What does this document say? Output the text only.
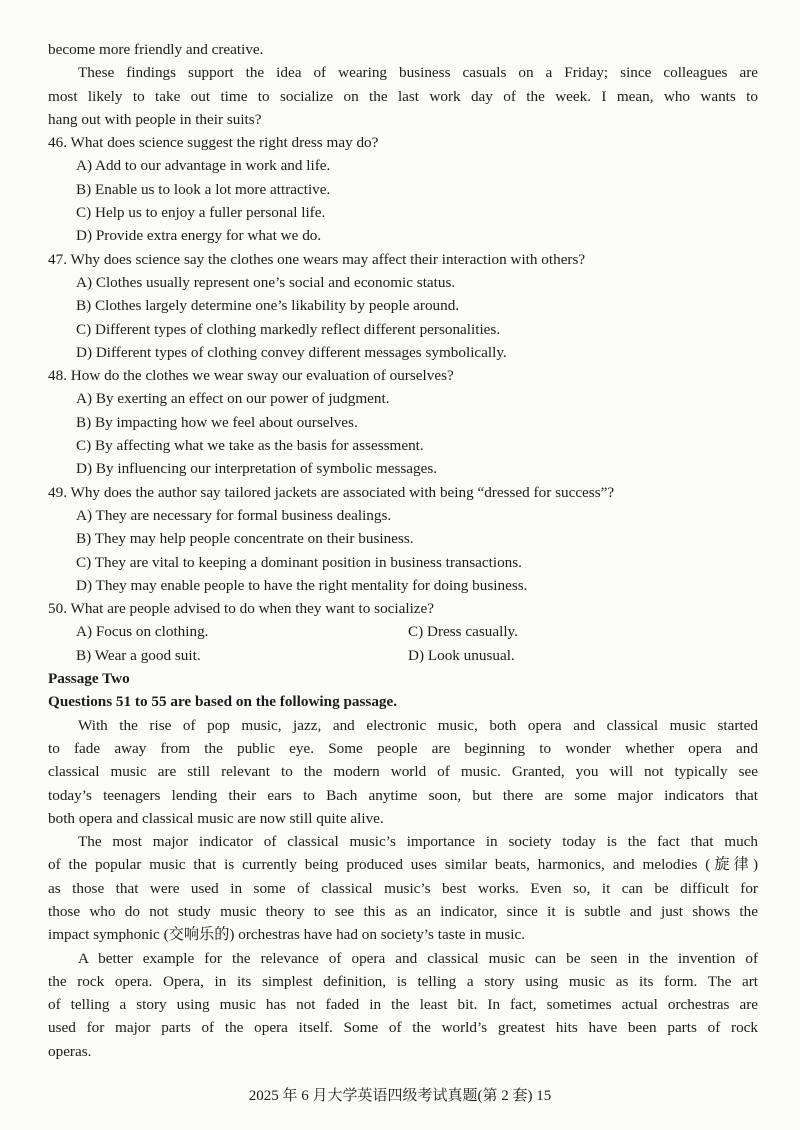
become more friendly and creative.
These findings support the idea of wearing business casuals on a Friday; since colleagues are
most likely to take out time to socialize on the last work day of the week. I mean, who wants to
hang out with people in their suits?
46. What does science suggest the right dress may do?
A) Add to our advantage in work and life.
B) Enable us to look a lot more attractive.
C) Help us to enjoy a fuller personal life.
D) Provide extra energy for what we do.
47. Why does science say the clothes one wears may affect their interaction with others?
A) Clothes usually represent one’s social and economic status.
B) Clothes largely determine one’s likability by people around.
C) Different types of clothing markedly reflect different personalities.
D) Different types of clothing convey different messages symbolically.
48. How do the clothes we wear sway our evaluation of ourselves?
A) By exerting an effect on our power of judgment.
B) By impacting how we feel about ourselves.
C) By affecting what we take as the basis for assessment.
D) By influencing our interpretation of symbolic messages.
49. Why does the author say tailored jackets are associated with being “dressed for success”?
A) They are necessary for formal business dealings.
B) They may help people concentrate on their business.
C) They are vital to keeping a dominant position in business transactions.
D) They may enable people to have the right mentality for doing business.
50. What are people advised to do when they want to socialize?
A) Focus on clothing.	C) Dress casually.
B) Wear a good suit.	D) Look unusual.
Passage Two
Questions 51 to 55 are based on the following passage.
With the rise of pop music, jazz, and electronic music, both opera and classical music started
to fade away from the public eye. Some people are beginning to wonder whether opera and
classical music are still relevant to the modern world of music. Granted, you will not typically see
today’s teenagers lending their ears to Bach anytime soon, but there are some major indicators that
both opera and classical music are now still quite alive.
The most major indicator of classical music’s importance in society today is the fact that much
of the popular music that is currently being produced uses similar beats, harmonics, and melodies (旋律)
as those that were used in some of classical music’s best works. Even so, it can be difficult for
those who do not study music theory to see this as an indicator, since it is subtle and just shows the
impact symphonic (交响乐的) orchestras have had on society’s taste in music.
A better example for the relevance of opera and classical music can be seen in the invention of
the rock opera. Opera, in its simplest definition, is telling a story using music as its form. The art
of telling a story using music has not faded in the least bit. In fact, sometimes actual orchestras are
used for major parts of the opera itself. Some of the world’s greatest hits have been parts of rock
operas.
2025 年 6 月大学英语四级考试真题(第 2 套) 15
